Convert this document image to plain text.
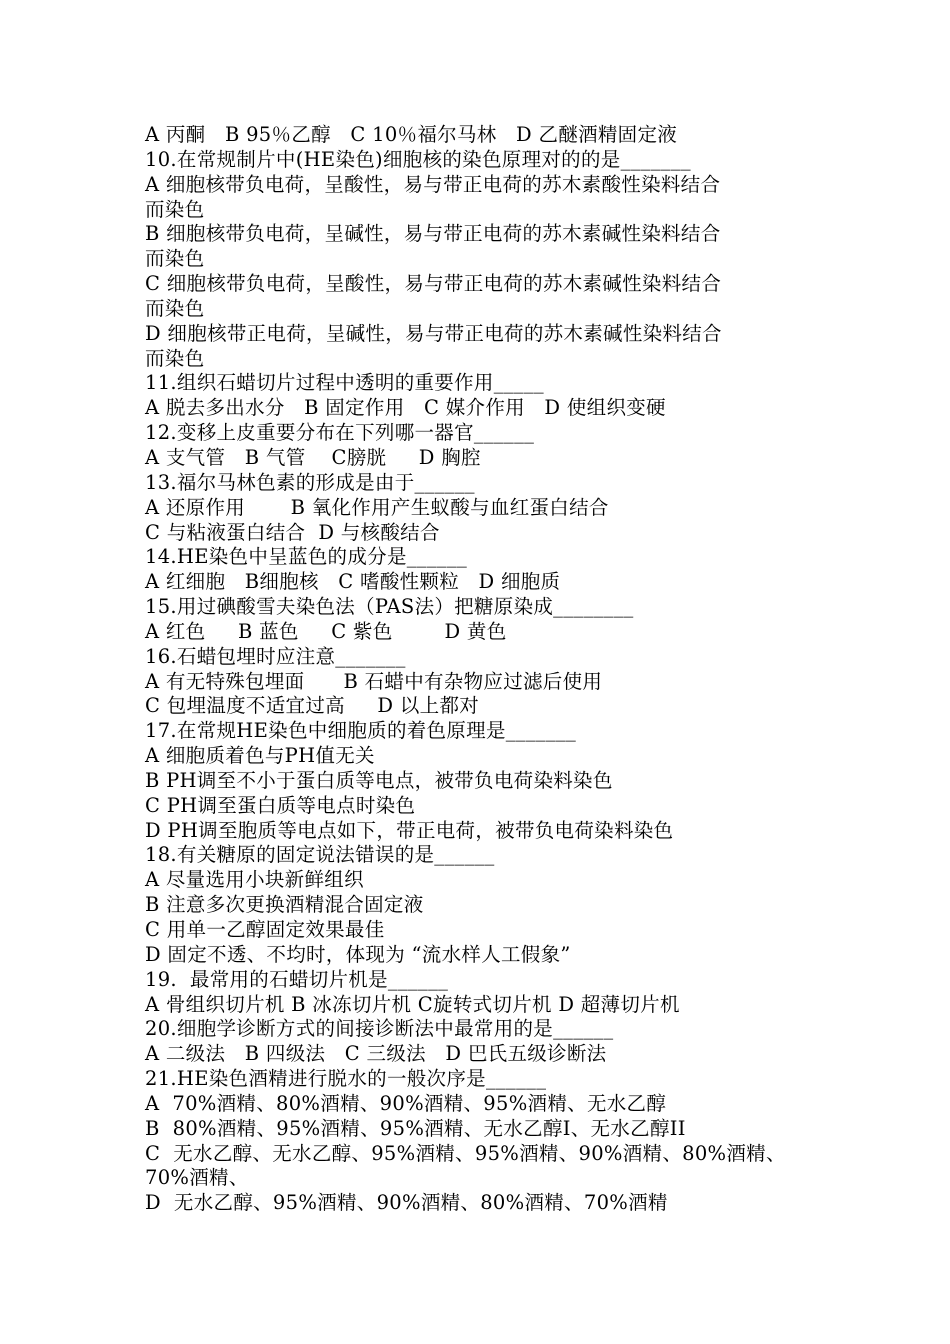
A 丙酮   B 95％乙醇   C 10％福尔马林   D 乙醚酒精固定液
10.在常规制片中(HE染色)细胞核的染色原理对的的是_______
A 细胞核带负电荷，呈酸性，易与带正电荷的苏木素酸性染料结合
而染色
B 细胞核带负电荷，呈碱性，易与带正电荷的苏木素碱性染料结合
而染色
C 细胞核带负电荷，呈酸性，易与带正电荷的苏木素碱性染料结合
而染色
D 细胞核带正电荷，呈碱性，易与带正电荷的苏木素碱性染料结合
而染色
11.组织石蜡切片过程中透明的重要作用_____
A 脱去多出水分   B 固定作用   C 媒介作用   D 使组织变硬
12.变移上皮重要分布在下列哪一器官______
A 支气管   B 气管    C膀胱     D 胸腔
13.福尔马林色素的形成是由于______
A 还原作用       B 氧化作用产生蚁酸与血红蛋白结合
C 与粘液蛋白结合  D 与核酸结合
14.HE染色中呈蓝色的成分是______
A 红细胞   B细胞核   C 嗜酸性颗粒   D 细胞质
15.用过碘酸雪夫染色法（PAS法）把糖原染成________
A 红色     B 蓝色     C 紫色        D 黄色
16.石蜡包埋时应注意_______
A 有无特殊包埋面      B 石蜡中有杂物应过滤后使用
C 包埋温度不适宜过高     D 以上都对
17.在常规HE染色中细胞质的着色原理是_______
A 细胞质着色与PH值无关
B PH调至不小于蛋白质等电点，被带负电荷染料染色
C PH调至蛋白质等电点时染色
D PH调至胞质等电点如下，带正电荷，被带负电荷染料染色
18.有关糖原的固定说法错误的是______
A 尽量选用小块新鲜组织
B 注意多次更换酒精混合固定液
C 用单一乙醇固定效果最佳
D 固定不透、不均时，体现为 “流水样人工假象”
19.  最常用的石蜡切片机是______
A 骨组织切片机 B 冰冻切片机 C旋转式切片机 D 超薄切片机
20.细胞学诊断方式的间接诊断法中最常用的是______
A 二级法   B 四级法   C 三级法   D 巴氏五级诊断法
21.HE染色酒精进行脱水的一般次序是______
A  70%酒精、80%酒精、90%酒精、95%酒精、无水乙醇
B  80%酒精、95%酒精、95%酒精、无水乙醇I、无水乙醇II
C  无水乙醇、无水乙醇、95%酒精、95%酒精、90%酒精、80%酒精、
70%酒精、
D  无水乙醇、95%酒精、90%酒精、80%酒精、70%酒精
